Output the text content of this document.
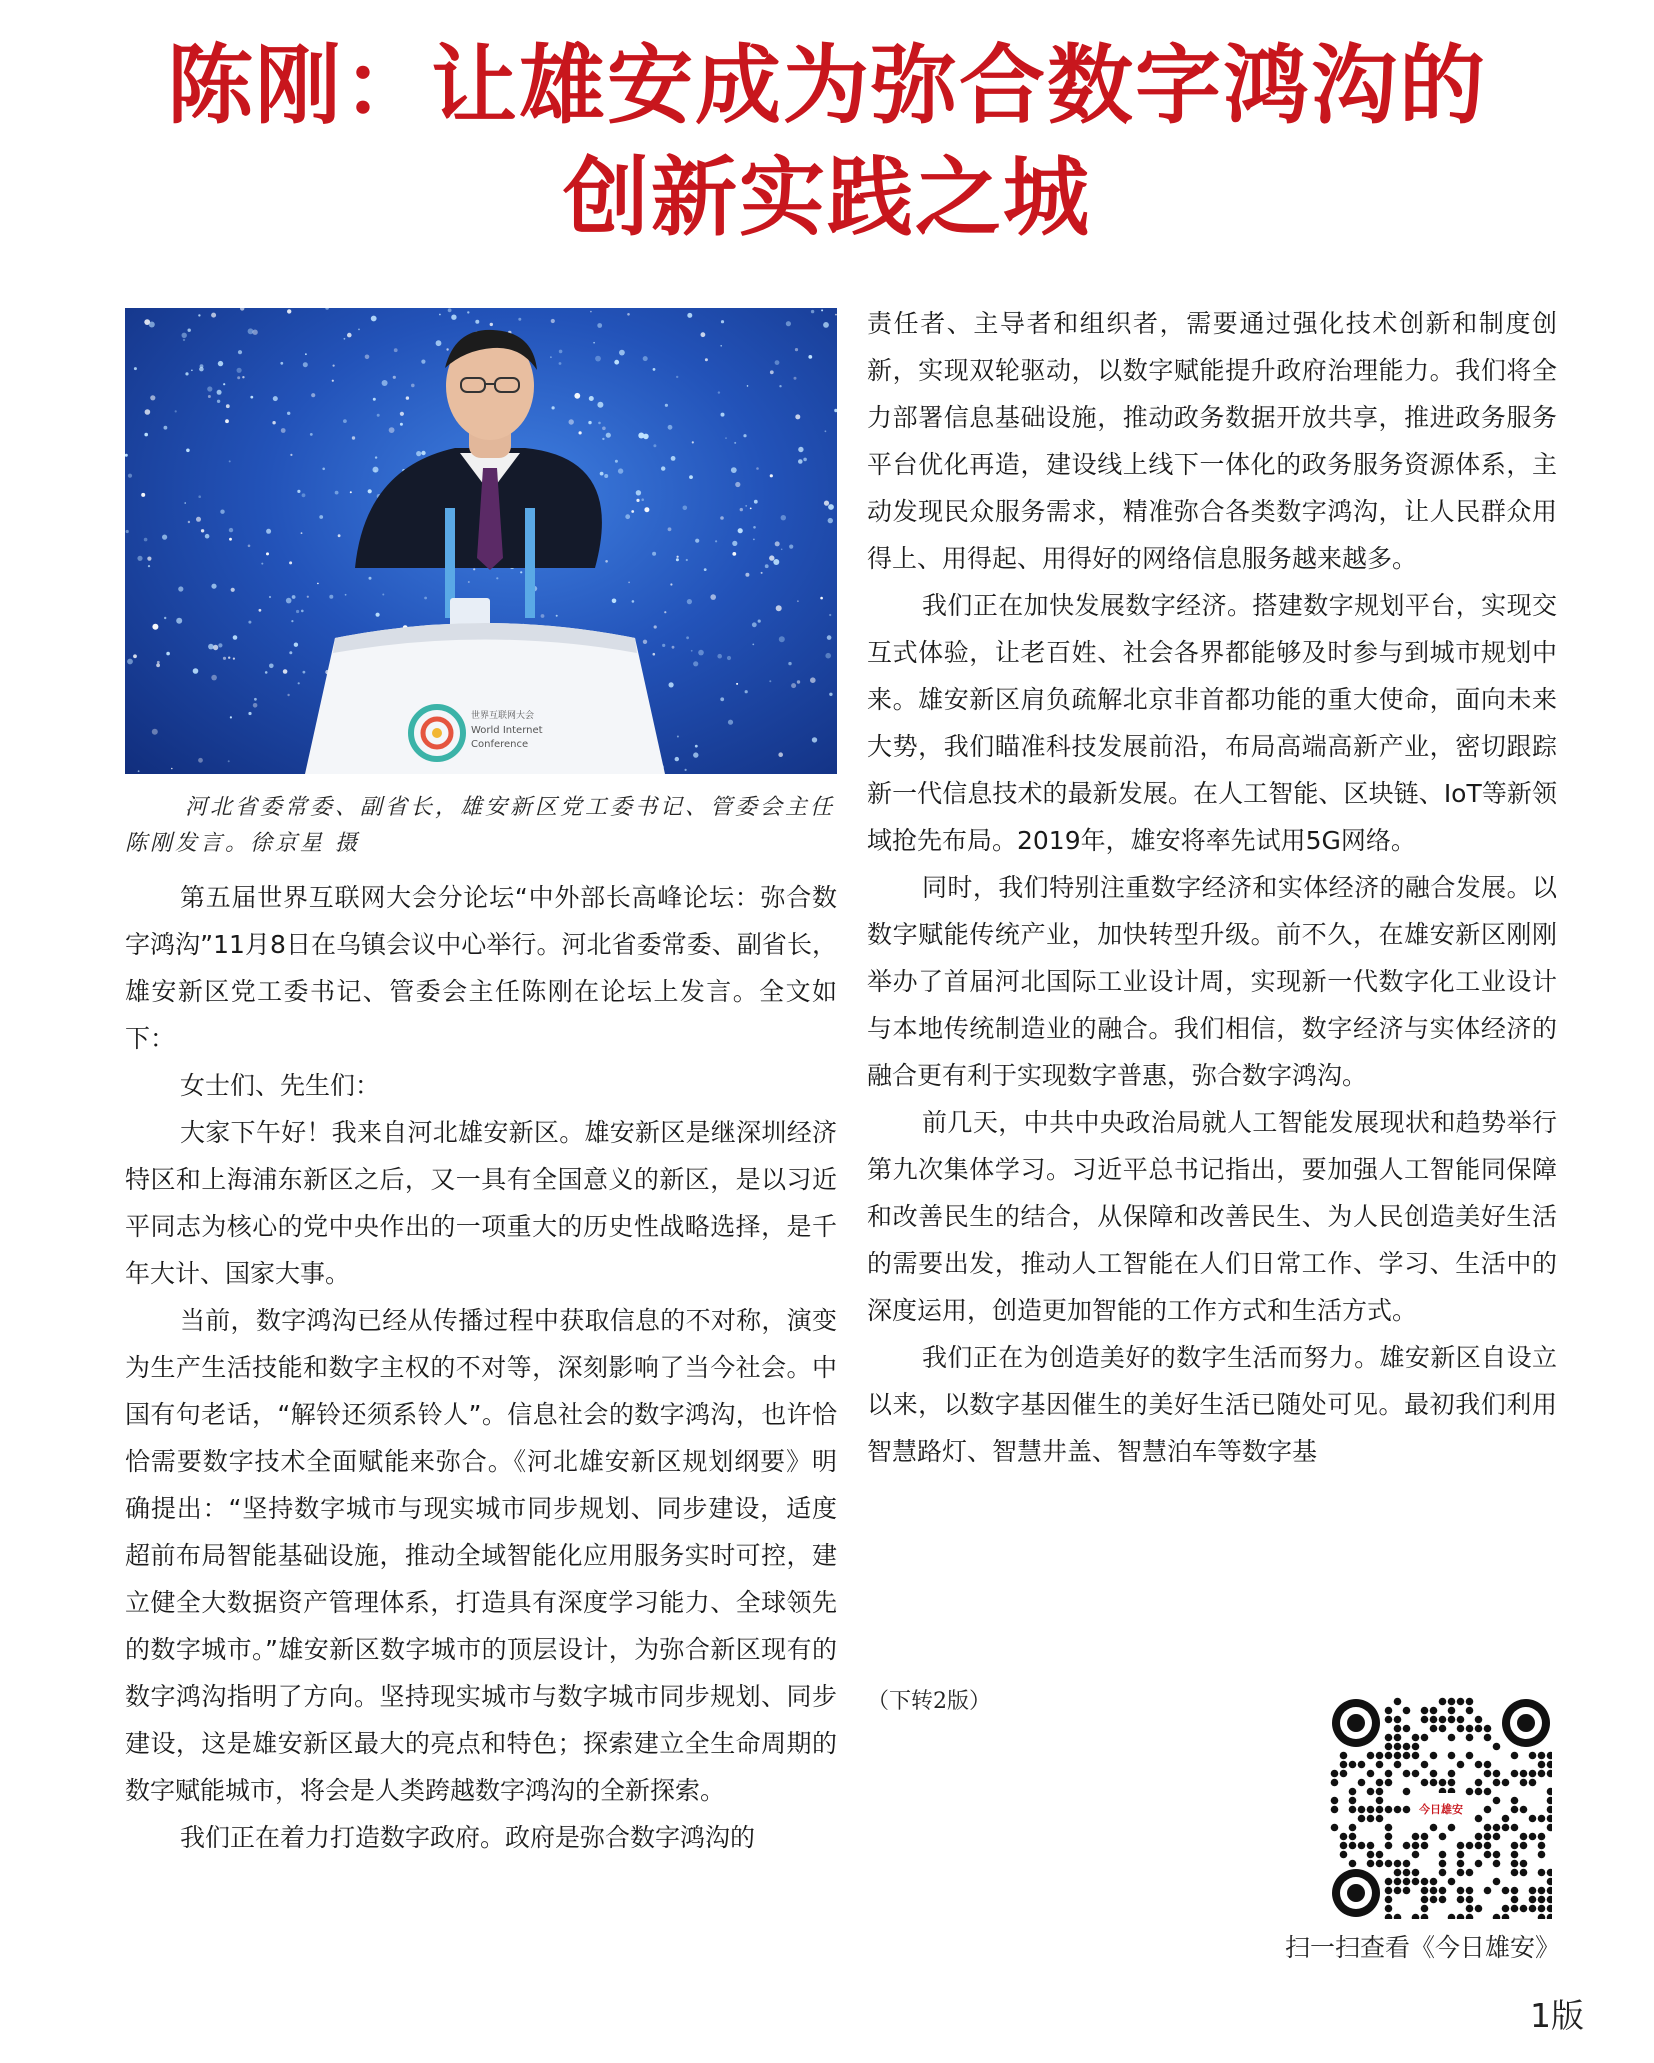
陈刚：让雄安成为弥合数字鸿沟的
创新实践之城
世界互联网大会
World Internet
Conference
河北省委常委、副省长，雄安新区党工委书记、管委会主任陈刚发言。徐京星 摄

第五届世界互联网大会分论坛“中外部长高峰论坛：弥合数字鸿沟”11月8日在乌镇会议中心举行。河北省委常委、副省长，雄安新区党工委书记、管委会主任陈刚在论坛上发言。全文如下：

女士们、先生们：

大家下午好！我来自河北雄安新区。雄安新区是继深圳经济特区和上海浦东新区之后，又一具有全国意义的新区，是以习近平同志为核心的党中央作出的一项重大的历史性战略选择，是千年大计、国家大事。

当前，数字鸿沟已经从传播过程中获取信息的不对称，演变为生产生活技能和数字主权的不对等，深刻影响了当今社会。中国有句老话，“解铃还须系铃人”。信息社会的数字鸿沟，也许恰恰需要数字技术全面赋能来弥合。《河北雄安新区规划纲要》明确提出：“坚持数字城市与现实城市同步规划、同步建设，适度超前布局智能基础设施，推动全域智能化应用服务实时可控，建立健全大数据资产管理体系，打造具有深度学习能力、全球领先的数字城市。”雄安新区数字城市的顶层设计，为弥合新区现有的数字鸿沟指明了方向。坚持现实城市与数字城市同步规划、同步建设，这是雄安新区最大的亮点和特色；探索建立全生命周期的数字赋能城市，将会是人类跨越数字鸿沟的全新探索。

我们正在着力打造数字政府。政府是弥合数字鸿沟的

责任者、主导者和组织者，需要通过强化技术创新和制度创新，实现双轮驱动，以数字赋能提升政府治理能力。我们将全力部署信息基础设施，推动政务数据开放共享，推进政务服务平台优化再造，建设线上线下一体化的政务服务资源体系，主动发现民众服务需求，精准弥合各类数字鸿沟，让人民群众用得上、用得起、用得好的网络信息服务越来越多。

我们正在加快发展数字经济。搭建数字规划平台，实现交互式体验，让老百姓、社会各界都能够及时参与到城市规划中来。雄安新区肩负疏解北京非首都功能的重大使命，面向未来大势，我们瞄准科技发展前沿，布局高端高新产业，密切跟踪新一代信息技术的最新发展。在人工智能、区块链、IoT等新领域抢先布局。2019年，雄安将率先试用5G网络。

同时，我们特别注重数字经济和实体经济的融合发展。以数字赋能传统产业，加快转型升级。前不久，在雄安新区刚刚举办了首届河北国际工业设计周，实现新一代数字化工业设计与本地传统制造业的融合。我们相信，数字经济与实体经济的融合更有利于实现数字普惠，弥合数字鸿沟。

前几天，中共中央政治局就人工智能发展现状和趋势举行第九次集体学习。习近平总书记指出，要加强人工智能同保障和改善民生的结合，从保障和改善民生、为人民创造美好生活的需要出发，推动人工智能在人们日常工作、学习、生活中的深度运用，创造更加智能的工作方式和生活方式。

我们正在为创造美好的数字生活而努力。雄安新区自设立以来，以数字基因催生的美好生活已随处可见。最初我们利用智慧路灯、智慧井盖、智慧泊车等数字基

（下转2版）
今日雄安
扫一扫查看《今日雄安》
1版
